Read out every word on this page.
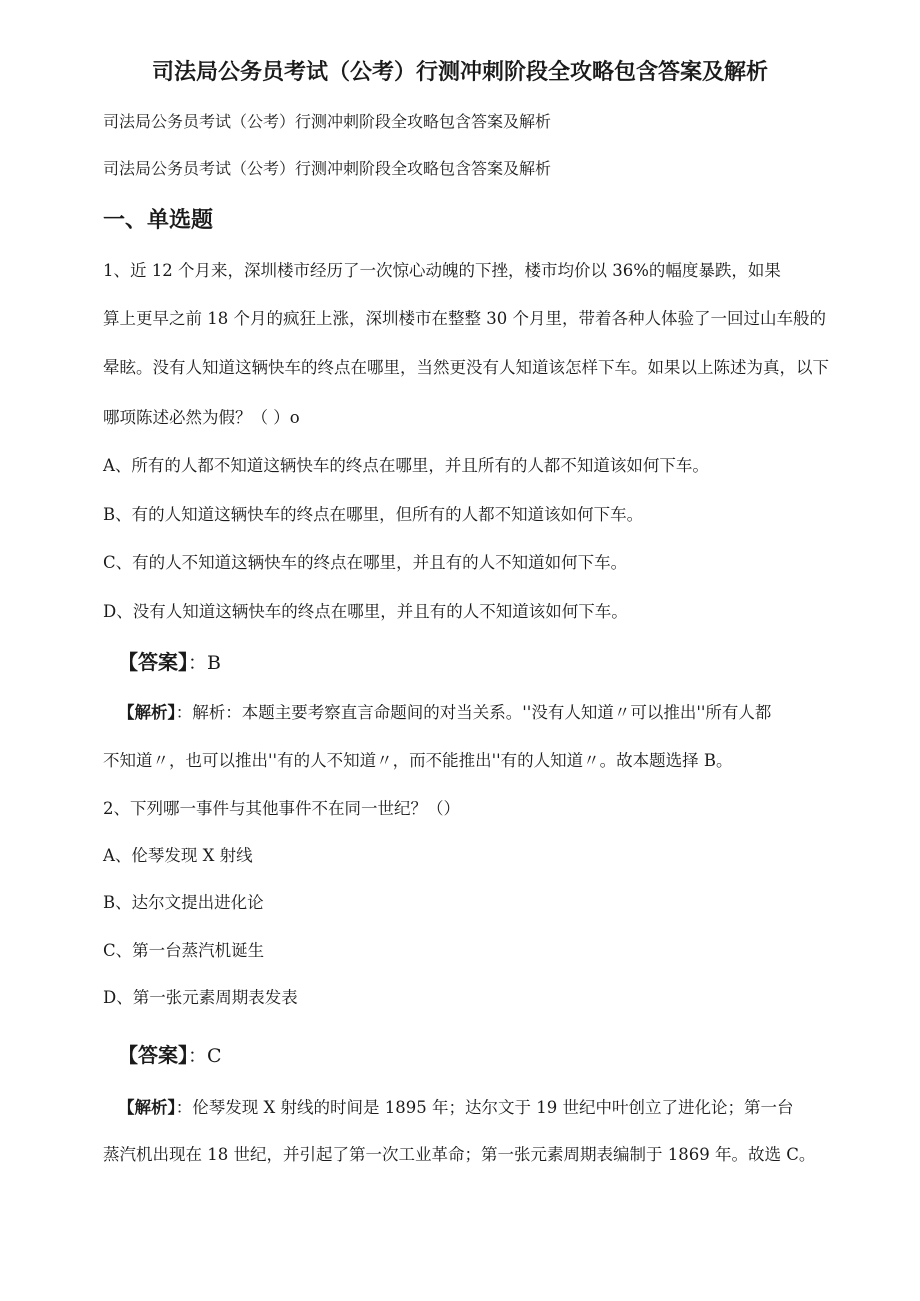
司法局公务员考试（公考）行测冲刺阶段全攻略包含答案及解析
司法局公务员考试（公考）行测冲刺阶段全攻略包含答案及解析
司法局公务员考试（公考）行测冲刺阶段全攻略包含答案及解析
一、单选题
1、近 12 个月来，深圳楼市经历了一次惊心动魄的下挫，楼市均价以 36%的幅度暴跌，如果
算上更早之前 18 个月的疯狂上涨，深圳楼市在整整 30 个月里，带着各种人体验了一回过山车般的
晕眩。没有人知道这辆快车的终点在哪里，当然更没有人知道该怎样下车。如果以上陈述为真，以下
哪项陈述必然为假？（ ）o
A、所有的人都不知道这辆快车的终点在哪里，并且所有的人都不知道该如何下车。
B、有的人知道这辆快车的终点在哪里，但所有的人都不知道该如何下车。
C、有的人不知道这辆快车的终点在哪里，并且有的人不知道如何下车。
D、没有人知道这辆快车的终点在哪里，并且有的人不知道该如何下车。
【答案】：B
【解析】：解析：本题主要考察直言命题间的对当关系。''没有人知道〃可以推出''所有人都
不知道〃，也可以推出''有的人不知道〃，而不能推出''有的人知道〃。故本题选择 B。
2、下列哪一事件与其他事件不在同一世纪？（）
A、伦琴发现 X 射线
B、达尔文提出进化论
C、第一台蒸汽机诞生
D、第一张元素周期表发表
【答案】：C
【解析】：伦琴发现 X 射线的时间是 1895 年；达尔文于 19 世纪中叶创立了进化论；第一台
蒸汽机出现在 18 世纪，并引起了第一次工业革命；第一张元素周期表编制于 1869 年。故选 C。
